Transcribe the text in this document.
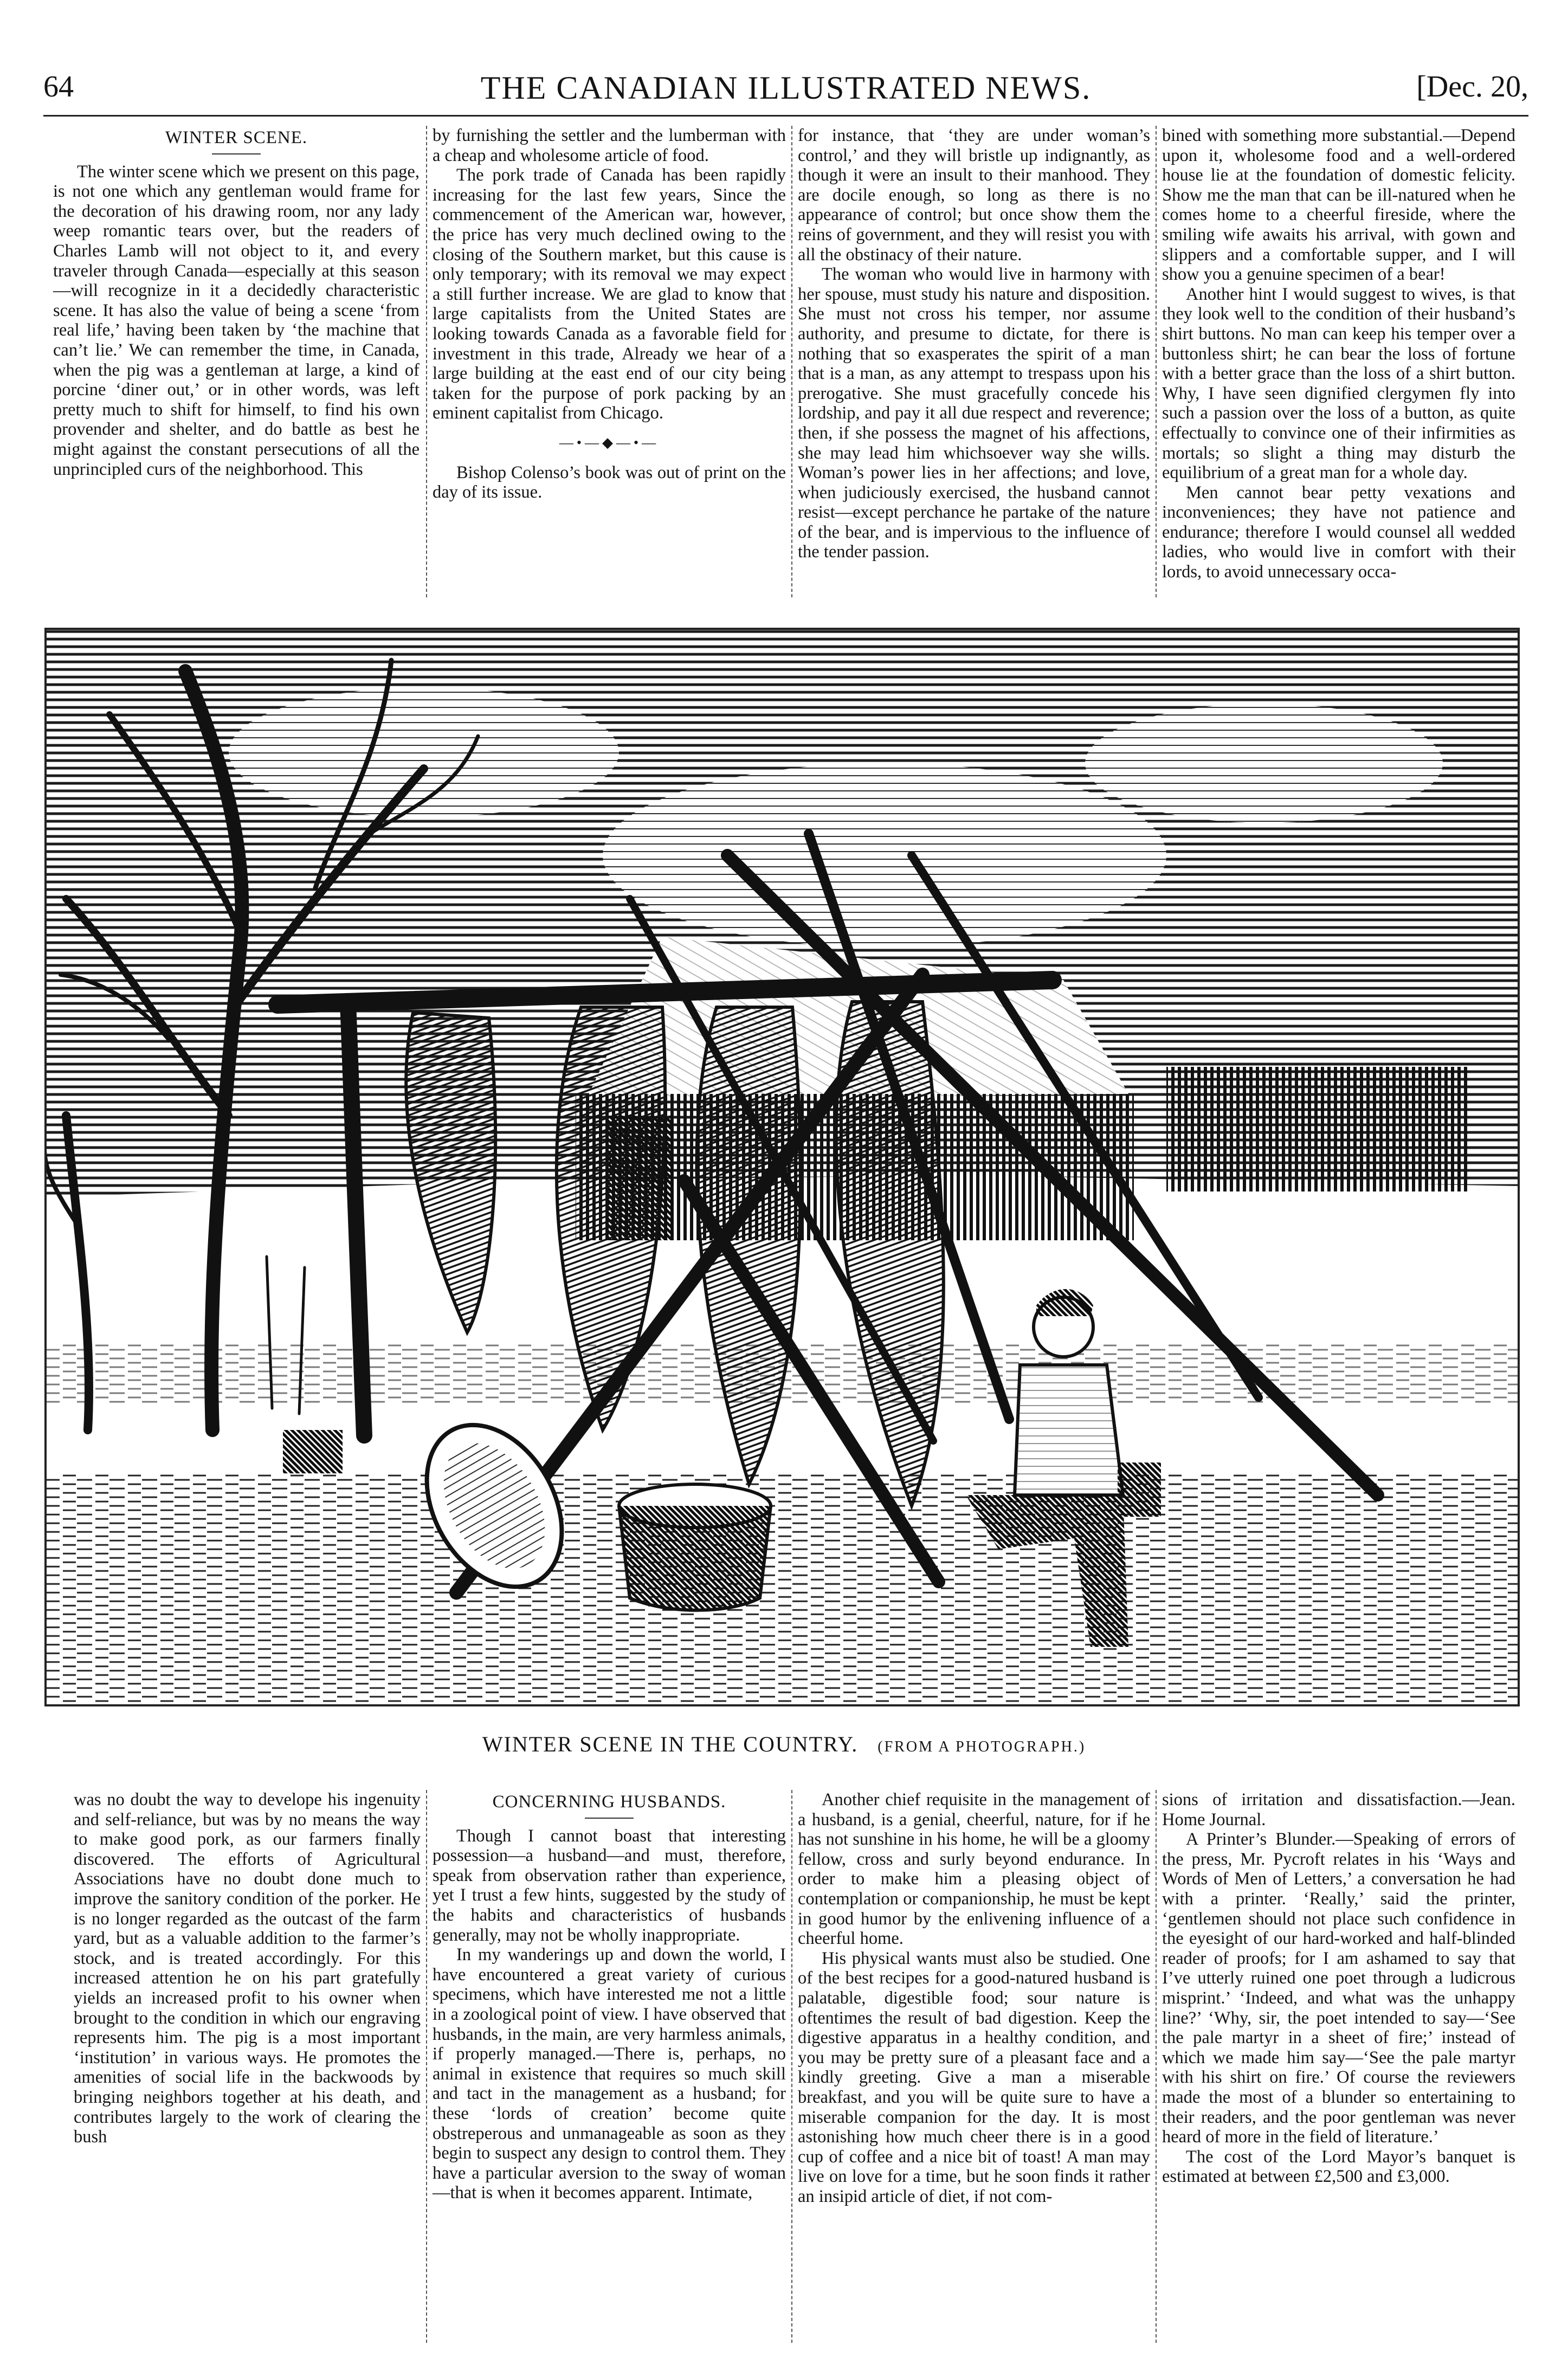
64	THE CANADIAN ILLUSTRATED NEWS.	[Dec. 20,

WINTER SCENE.

The winter scene which we present on this page, is not one which any gentleman would frame for the decoration of his drawing room, nor any lady weep romantic tears over, but the readers of Charles Lamb will not object to it, and every traveler through Canada—especially at this season—will recognize in it a decidedly characteristic scene. It has also the value of being a scene ‘from real life,’ having been taken by ‘the machine that can’t lie.’ We can remember the time, in Canada, when the pig was a gentleman at large, a kind of porcine ‘diner out,’ or in other words, was left pretty much to shift for himself, to find his own provender and shelter, and do battle as best he might against the constant persecutions of all the unprincipled curs of the neighborhood. This

by furnishing the settler and the lumberman with a cheap and wholesome article of food.

The pork trade of Canada has been rapidly increasing for the last few years, Since the commencement of the American war, however, the price has very much declined owing to the closing of the Southern market, but this cause is only temporary; with its removal we may expect a still further increase. We are glad to know that large capitalists from the United States are looking towards Canada as a favorable field for investment in this trade, Already we hear of a large building at the east end of our city being taken for the purpose of pork packing by an eminent capitalist from Chicago.

—•—◆—•—

Bishop Colenso’s book was out of print on the day of its issue.

for instance, that ‘they are under woman’s control,’ and they will bristle up indignantly, as though it were an insult to their manhood. They are docile enough, so long as there is no appearance of control; but once show them the reins of government, and they will resist you with all the obstinacy of their nature.

The woman who would live in harmony with her spouse, must study his nature and disposition. She must not cross his temper, nor assume authority, and presume to dictate, for there is nothing that so exasperates the spirit of a man that is a man, as any attempt to trespass upon his prerogative. She must gracefully concede his lordship, and pay it all due respect and reverence; then, if she possess the magnet of his affections, she may lead him whichsoever way she wills. Woman’s power lies in her affections; and love, when judiciously exercised, the husband cannot resist—except perchance he partake of the nature of the bear, and is impervious to the influence of the tender passion.

bined with something more substantial.—Depend upon it, wholesome food and a well-ordered house lie at the foundation of domestic felicity. Show me the man that can be ill-natured when he comes home to a cheerful fireside, where the smiling wife awaits his arrival, with gown and slippers and a comfortable supper, and I will show you a genuine specimen of a bear!

Another hint I would suggest to wives, is that they look well to the condition of their husband’s shirt buttons. No man can keep his temper over a buttonless shirt; he can bear the loss of fortune with a better grace than the loss of a shirt button. Why, I have seen dignified clergymen fly into such a passion over the loss of a button, as quite effectually to convince one of their infirmities as mortals; so slight a thing may disturb the equilibrium of a great man for a whole day.

Men cannot bear petty vexations and inconveniences; they have not patience and endurance; therefore I would counsel all wedded ladies, who would live in comfort with their lords, to avoid unnecessary occa-

WINTER SCENE IN THE COUNTRY. (FROM A PHOTOGRAPH.)

was no doubt the way to develope his ingenuity and self-reliance, but was by no means the way to make good pork, as our farmers finally discovered. The efforts of Agricultural Associations have no doubt done much to improve the sanitory condition of the porker. He is no longer regarded as the outcast of the farm yard, but as a valuable addition to the farmer’s stock, and is treated accordingly. For this increased attention he on his part gratefully yields an increased profit to his owner when brought to the condition in which our engraving represents him. The pig is a most important ‘institution’ in various ways. He promotes the amenities of social life in the backwoods by bringing neighbors together at his death, and contributes largely to the work of clearing the bush

CONCERNING HUSBANDS.

Though I cannot boast that interesting possession—a husband—and must, therefore, speak from observation rather than experience, yet I trust a few hints, suggested by the study of the habits and characteristics of husbands generally, may not be wholly inappropriate.

In my wanderings up and down the world, I have encountered a great variety of curious specimens, which have interested me not a little in a zoological point of view. I have observed that husbands, in the main, are very harmless animals, if properly managed.—There is, perhaps, no animal in existence that requires so much skill and tact in the management as a husband; for these ‘lords of creation’ become quite obstreperous and unmanageable as soon as they begin to suspect any design to control them. They have a particular aversion to the sway of woman—that is when it becomes apparent. Intimate,

Another chief requisite in the management of a husband, is a genial, cheerful, nature, for if he has not sunshine in his home, he will be a gloomy fellow, cross and surly beyond endurance. In order to make him a pleasing object of contemplation or companionship, he must be kept in good humor by the enlivening influence of a cheerful home.

His physical wants must also be studied. One of the best recipes for a good-natured husband is palatable, digestible food; sour nature is oftentimes the result of bad digestion. Keep the digestive apparatus in a healthy condition, and you may be pretty sure of a pleasant face and a kindly greeting. Give a man a miserable breakfast, and you will be quite sure to have a miserable companion for the day. It is most astonishing how much cheer there is in a good cup of coffee and a nice bit of toast! A man may live on love for a time, but he soon finds it rather an insipid article of diet, if not com-

sions of irritation and dissatisfaction.—Jean. Home Journal.

A Printer’s Blunder.—Speaking of errors of the press, Mr. Pycroft relates in his ‘Ways and Words of Men of Letters,’ a conversation he had with a printer. ‘Really,’ said the printer, ‘gentlemen should not place such confidence in the eyesight of our hard-worked and half-blinded reader of proofs; for I am ashamed to say that I’ve utterly ruined one poet through a ludicrous misprint.’ ‘Indeed, and what was the unhappy line?’ ‘Why, sir, the poet intended to say—‘See the pale martyr in a sheet of fire;’ instead of which we made him say—‘See the pale martyr with his shirt on fire.’ Of course the reviewers made the most of a blunder so entertaining to their readers, and the poor gentleman was never heard of more in the field of literature.’

The cost of the Lord Mayor’s banquet is estimated at between £2,500 and £3,000.
